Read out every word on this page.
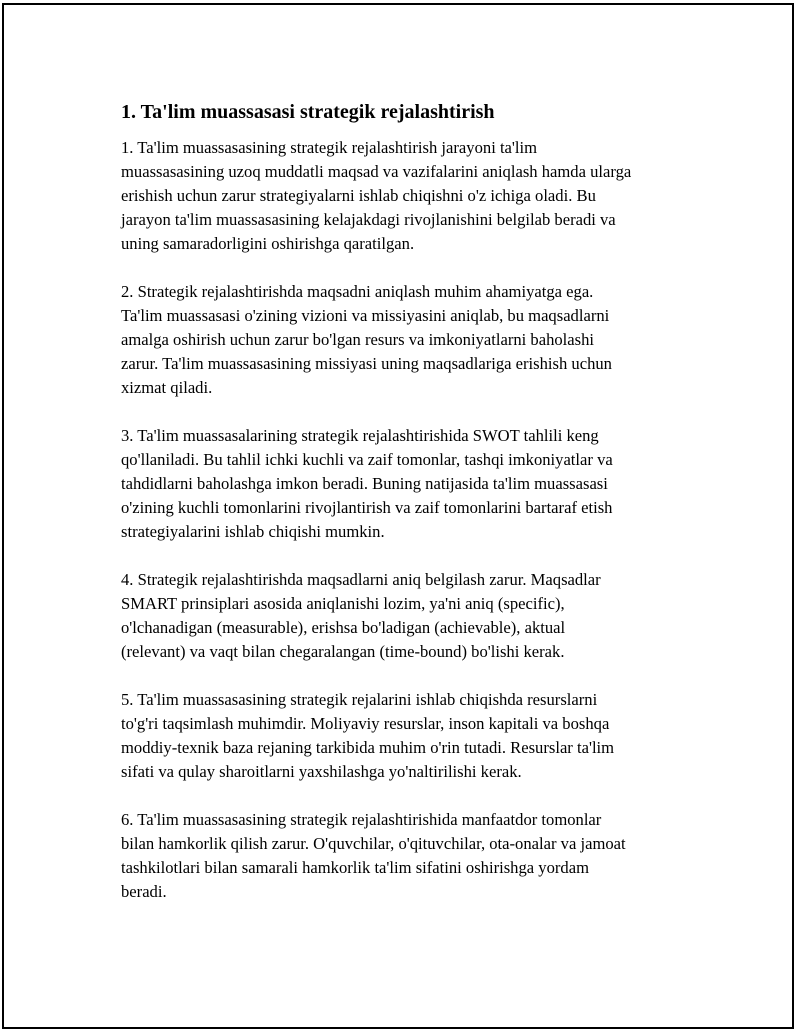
1. Ta'lim muassasasi strategik rejalashtirish

1. Ta'lim muassasasining strategik rejalashtirish jarayoni ta'lim
muassasasining uzoq muddatli maqsad va vazifalarini aniqlash hamda ularga
erishish uchun zarur strategiyalarni ishlab chiqishni o'z ichiga oladi. Bu
jarayon ta'lim muassasasining kelajakdagi rivojlanishini belgilab beradi va
uning samaradorligini oshirishga qaratilgan.

2. Strategik rejalashtirishda maqsadni aniqlash muhim ahamiyatga ega.
Ta'lim muassasasi o'zining vizioni va missiyasini aniqlab, bu maqsadlarni
amalga oshirish uchun zarur bo'lgan resurs va imkoniyatlarni baholashi
zarur. Ta'lim muassasasining missiyasi uning maqsadlariga erishish uchun
xizmat qiladi.

3. Ta'lim muassasalarining strategik rejalashtirishida SWOT tahlili keng
qo'llaniladi. Bu tahlil ichki kuchli va zaif tomonlar, tashqi imkoniyatlar va
tahdidlarni baholashga imkon beradi. Buning natijasida ta'lim muassasasi
o'zining kuchli tomonlarini rivojlantirish va zaif tomonlarini bartaraf etish
strategiyalarini ishlab chiqishi mumkin.

4. Strategik rejalashtirishda maqsadlarni aniq belgilash zarur. Maqsadlar
SMART prinsiplari asosida aniqlanishi lozim, ya'ni aniq (specific),
o'lchanadigan (measurable), erishsa bo'ladigan (achievable), aktual
(relevant) va vaqt bilan chegaralangan (time-bound) bo'lishi kerak.

5. Ta'lim muassasasining strategik rejalarini ishlab chiqishda resurslarni
to'g'ri taqsimlash muhimdir. Moliyaviy resurslar, inson kapitali va boshqa
moddiy-texnik baza rejaning tarkibida muhim o'rin tutadi. Resurslar ta'lim
sifati va qulay sharoitlarni yaxshilashga yo'naltirilishi kerak.

6. Ta'lim muassasasining strategik rejalashtirishida manfaatdor tomonlar
bilan hamkorlik qilish zarur. O'quvchilar, o'qituvchilar, ota-onalar va jamoat
tashkilotlari bilan samarali hamkorlik ta'lim sifatini oshirishga yordam
beradi.
